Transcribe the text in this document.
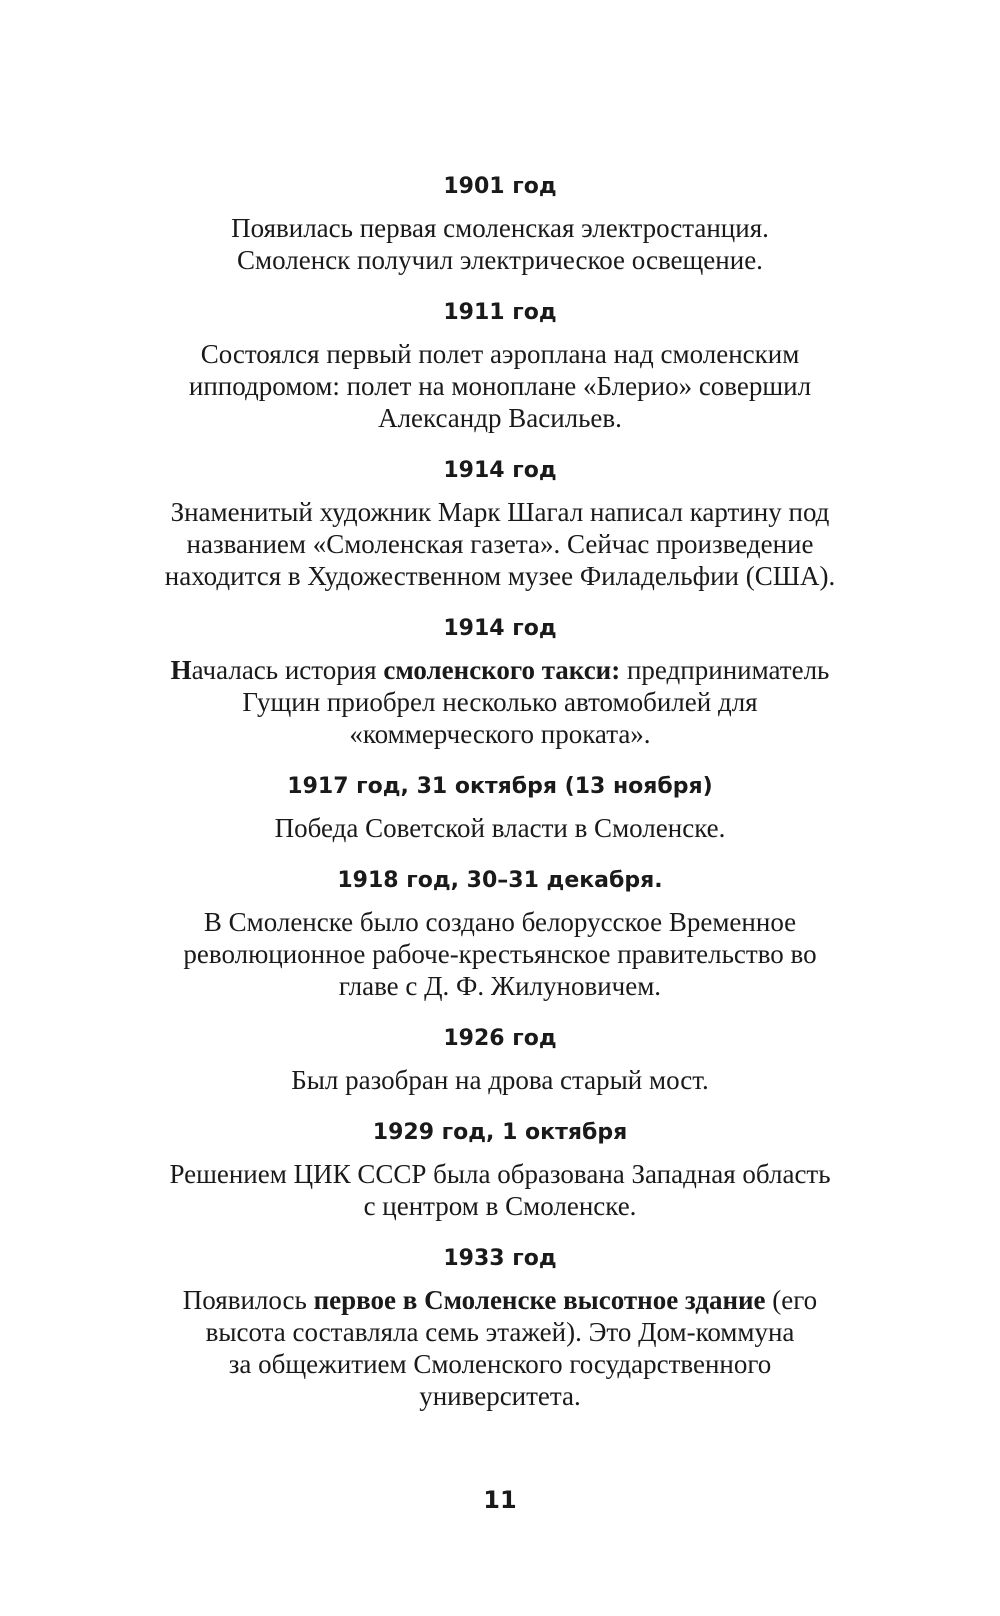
1901 год
Появилась первая смоленская электростанция.
Смоленск получил электрическое освещение.
1911 год
Состоялся первый полет аэроплана над смоленским
ипподромом: полет на моноплане «Блерио» совершил
Александр Васильев.
1914 год
Знаменитый художник Марк Шагал написал картину под
названием «Смоленская газета». Сейчас произведение
находится в Художественном музее Филадельфии (США).
1914 год
Началась история смоленского такси: предприниматель
Гущин приобрел несколько автомобилей для
«коммерческого проката».
1917 год, 31 октября (13 ноября)
Победа Советской власти в Смоленске.
1918 год, 30–31 декабря.
В Смоленске было создано белорусское Временное
революционное рабоче-крестьянское правительство во
главе с Д. Ф. Жилуновичем.
1926 год
Был разобран на дрова старый мост.
1929 год, 1 октября
Решением ЦИК СССР была образована Западная область
с центром в Смоленске.
1933 год
Появилось первое в Смоленске высотное здание (его
высота составляла семь этажей). Это Дом-коммуна
за общежитием Смоленского государственного
университета.
11
